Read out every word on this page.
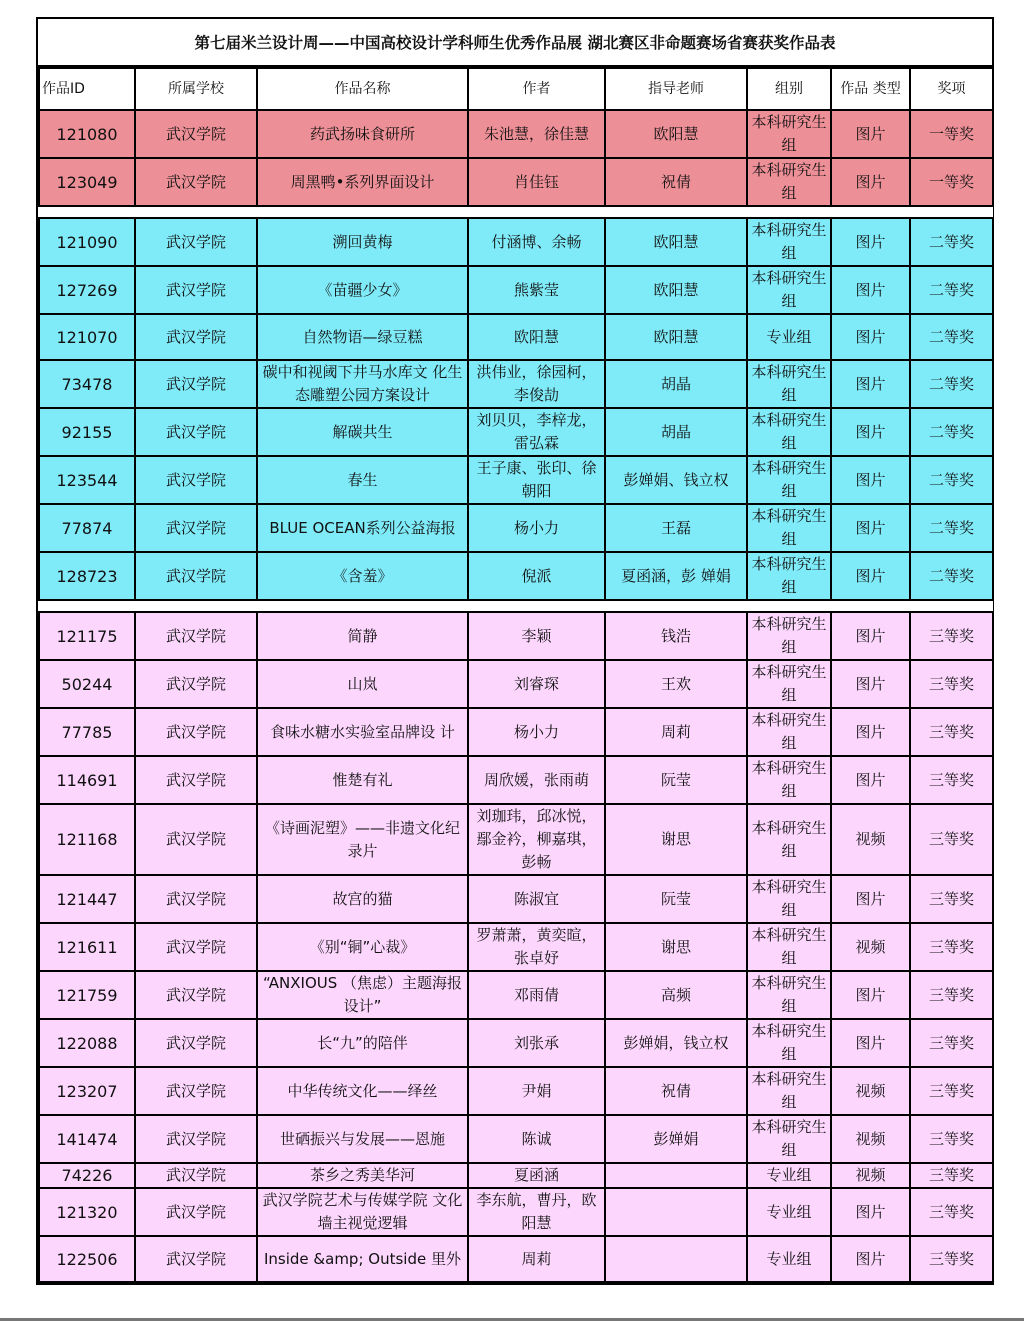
第七届米兰设计周——中国高校设计学科师生优秀作品展 湖北赛区非命题赛场省赛获奖作品表
作品ID	所属学校	作品名称	作者	指导老师	组别	作品 类型	奖项
121080	武汉学院	药武扬味食研所	朱池慧，徐佳慧	欧阳慧	本科研究生组	图片	一等奖
123049	武汉学院	周黑鸭•系列界面设计	肖佳钰	祝倩	本科研究生组	图片	一等奖

121090	武汉学院	溯回黄梅	付涵博、余畅	欧阳慧	本科研究生组	图片	二等奖
127269	武汉学院	《苗疆少女》	熊紫莹	欧阳慧	本科研究生组	图片	二等奖
121070	武汉学院	自然物语—绿豆糕	欧阳慧	欧阳慧	专业组	图片	二等奖
73478	武汉学院	碳中和视阈下井马水库文 化生态雕塑公园方案设计	洪伟业，徐园柯， 李俊劼	胡晶	本科研究生组	图片	二等奖
92155	武汉学院	解碳共生	刘贝贝，李梓龙，雷弘霖	胡晶	本科研究生组	图片	二等奖
123544	武汉学院	春生	王子康、张印、徐朝阳	彭婵娟、钱立权	本科研究生组	图片	二等奖
77874	武汉学院	BLUE OCEAN系列公益海报	杨小力	王磊	本科研究生组	图片	二等奖
128723	武汉学院	《含羞》	倪派	夏函涵，彭 婵娟	本科研究生组	图片	二等奖

121175	武汉学院	简静	李颖	钱浩	本科研究生组	图片	三等奖
50244	武汉学院	山岚	刘睿琛	王欢	本科研究生组	图片	三等奖
77785	武汉学院	食味水糖水实验室品牌设 计	杨小力	周莉	本科研究生组	图片	三等奖
114691	武汉学院	惟楚有礼	周欣媛，张雨萌	阮莹	本科研究生组	图片	三等奖
121168	武汉学院	《诗画泥塑》——非遗文化纪录片	刘珈玮，邱冰悦，鄢金衿，柳嘉琪，彭畅	谢思	本科研究生组	视频	三等奖
121447	武汉学院	故宫的猫	陈淑宜	阮莹	本科研究生组	图片	三等奖
121611	武汉学院	《别“铜”心裁》	罗萧萧，黄奕暄， 张卓妤	谢思	本科研究生组	视频	三等奖
121759	武汉学院	“ANXIOUS （焦虑）主题海报设计”	邓雨倩	高频	本科研究生组	图片	三等奖
122088	武汉学院	长“九”的陪伴	刘张承	彭婵娟，钱立权	本科研究生组	图片	三等奖
123207	武汉学院	中华传统文化——绎丝	尹娟	祝倩	本科研究生组	视频	三等奖
141474	武汉学院	世硒振兴与发展——恩施	陈诚	彭婵娟	本科研究生组	视频	三等奖
74226	武汉学院	茶乡之秀美华河	夏函涵		专业组	视频	三等奖
121320	武汉学院	武汉学院艺术与传媒学院 文化墙主视觉逻辑	李东航，曹丹，欧 阳慧		专业组	图片	三等奖
122506	武汉学院	Inside &amp; Outside 里外	周莉		专业组	图片	三等奖
